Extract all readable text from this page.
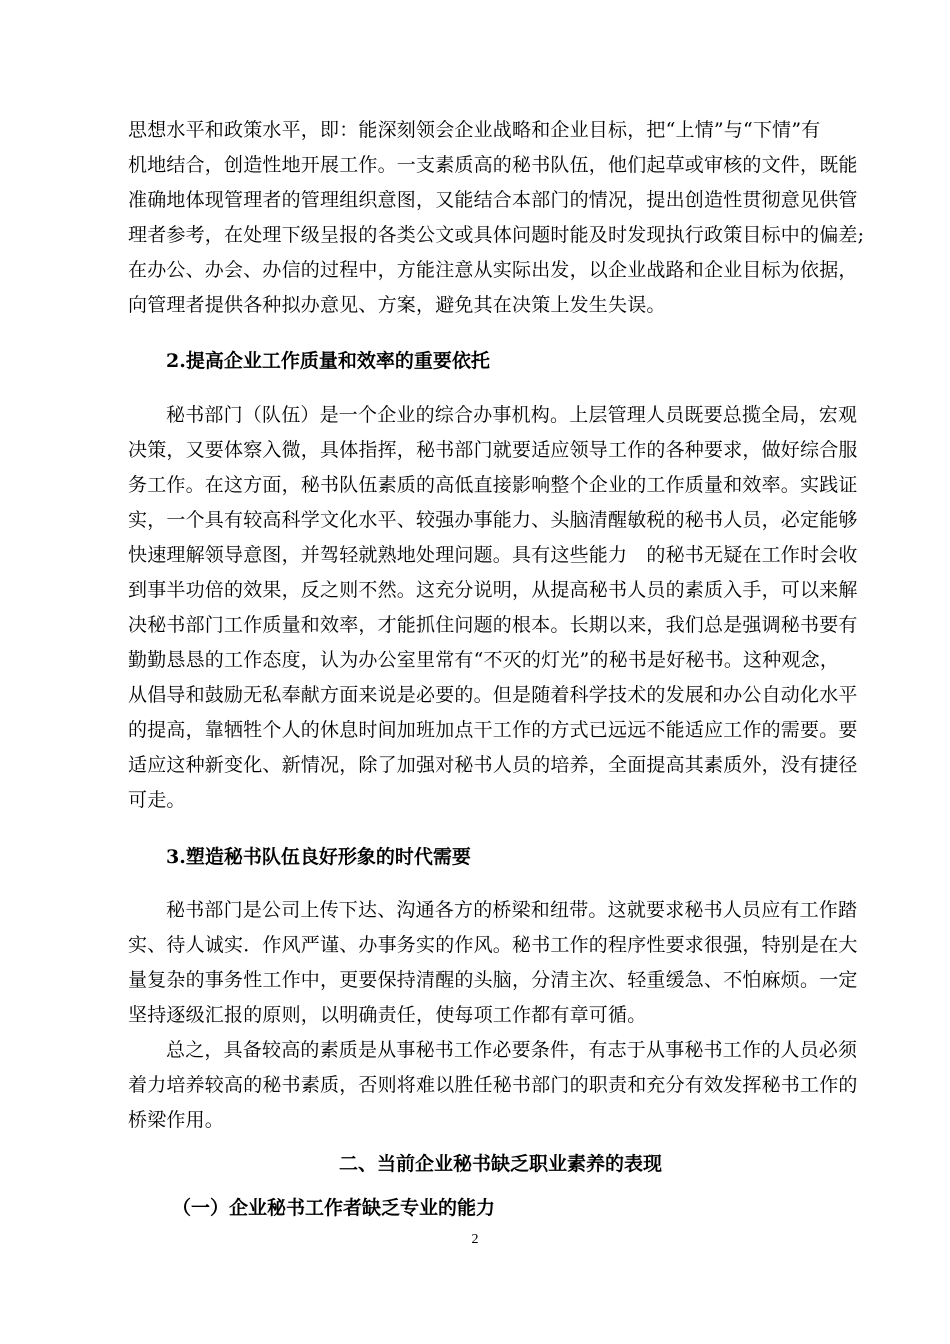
思想水平和政策水平，即：能深刻领会企业战略和企业目标，把“上情”与“下情”有
机地结合，创造性地开展工作。一支素质高的秘书队伍，他们起草或审核的文件，既能
准确地体现管理者的管理组织意图，又能结合本部门的情况，提出创造性贯彻意见供管
理者参考，在处理下级呈报的各类公文或具体问题时能及时发现执行政策目标中的偏差;
在办公、办会、办信的过程中，方能注意从实际出发，以企业战路和企业目标为依据，
向管理者提供各种拟办意见、方案，避免其在决策上发生失误。
2.提高企业工作质量和效率的重要依托
秘书部门（队伍）是一个企业的综合办事机构。上层管理人员既要总揽全局，宏观
决策，又要体察入微，具体指挥，秘书部门就要适应领导工作的各种要求，做好综合服
务工作。在这方面，秘书队伍素质的高低直接影响整个企业的工作质量和效率。实践证
实，一个具有较高科学文化水平、较强办事能力、头脑清醒敏税的秘书人员，必定能够
快速理解领导意图，并驾轻就熟地处理问题。具有这些能力　的秘书无疑在工作时会收
到事半功倍的效果，反之则不然。这充分说明，从提高秘书人员的素质入手，可以来解
决秘书部门工作质量和效率，才能抓住问题的根本。长期以来，我们总是强调秘书要有
勤勤恳恳的工作态度，认为办公室里常有“不灭的灯光”的秘书是好秘书。这种观念，
从倡导和鼓励无私奉献方面来说是必要的。但是随着科学技术的发展和办公自动化水平
的提高，靠牺牲个人的休息时间加班加点干工作的方式已远远不能适应工作的需要。要
适应这种新变化、新情况，除了加强对秘书人员的培养，全面提高其素质外，没有捷径
可走。
3.塑造秘书队伍良好形象的时代需要
秘书部门是公司上传下达、沟通各方的桥梁和纽带。这就要求秘书人员应有工作踏
实、待人诚实．作风严谨、办事务实的作风。秘书工作的程序性要求很强，特别是在大
量复杂的事务性工作中，更要保持清醒的头脑，分清主次、轻重缓急、不怕麻烦。一定
坚持逐级汇报的原则，以明确责任，使每项工作都有章可循。
总之，具备较高的素质是从事秘书工作必要条件，有志于从事秘书工作的人员必须
着力培养较高的秘书素质，否则将难以胜任秘书部门的职责和充分有效发挥秘书工作的
桥梁作用。
二、当前企业秘书缺乏职业素养的表现
（一）企业秘书工作者缺乏专业的能力
2
